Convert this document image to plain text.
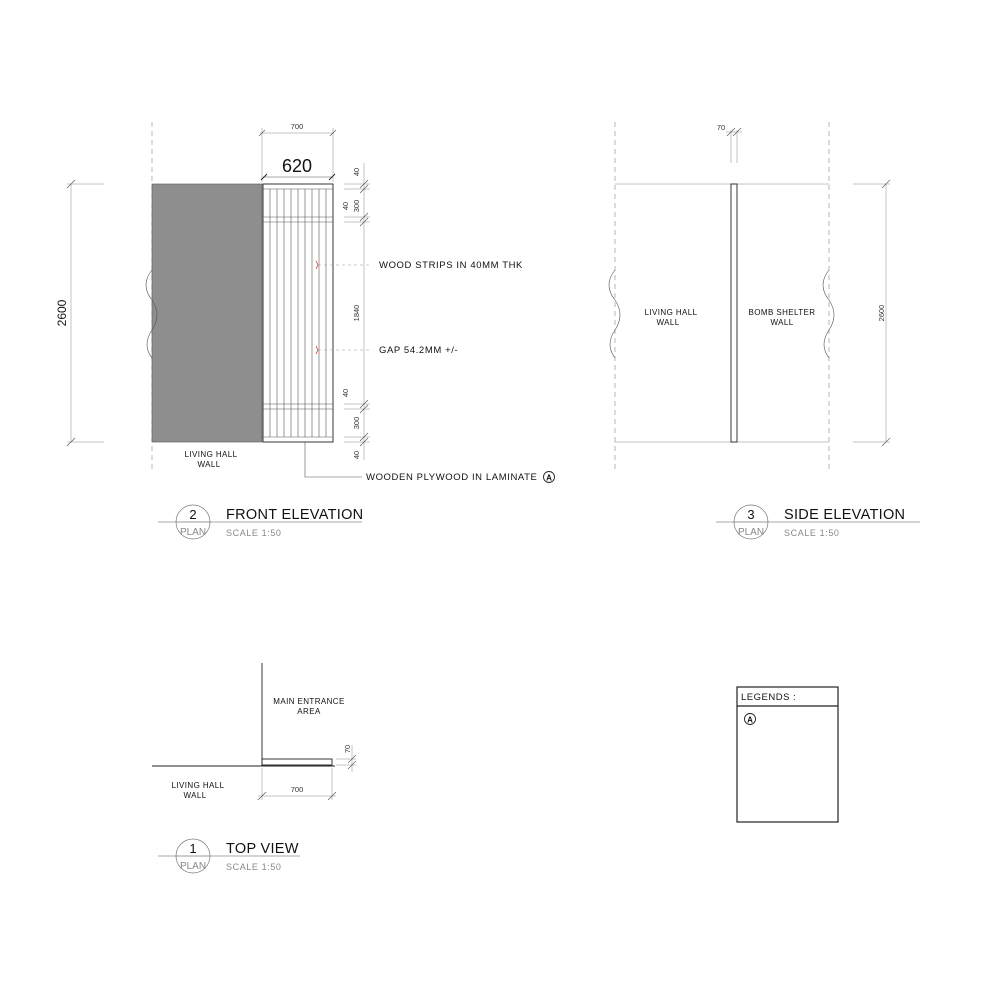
700
620
2600
40
40 300
1840
40
300
40
WOOD STRIPS IN 40MM THK
GAP 54.2MM +/-
WOODEN PLYWOOD IN LAMINATE A
LIVING HALL
WALL
2
PLAN
FRONT ELEVATION
SCALE 1:50
70
2600
LIVING HALL
WALL
BOMB SHELTER
WALL
3
PLAN
SIDE ELEVATION
SCALE 1:50
70
700
MAIN ENTRANCE
AREA
LIVING HALL
WALL
1
PLAN
TOP VIEW
SCALE 1:50
LEGENDS :
A
